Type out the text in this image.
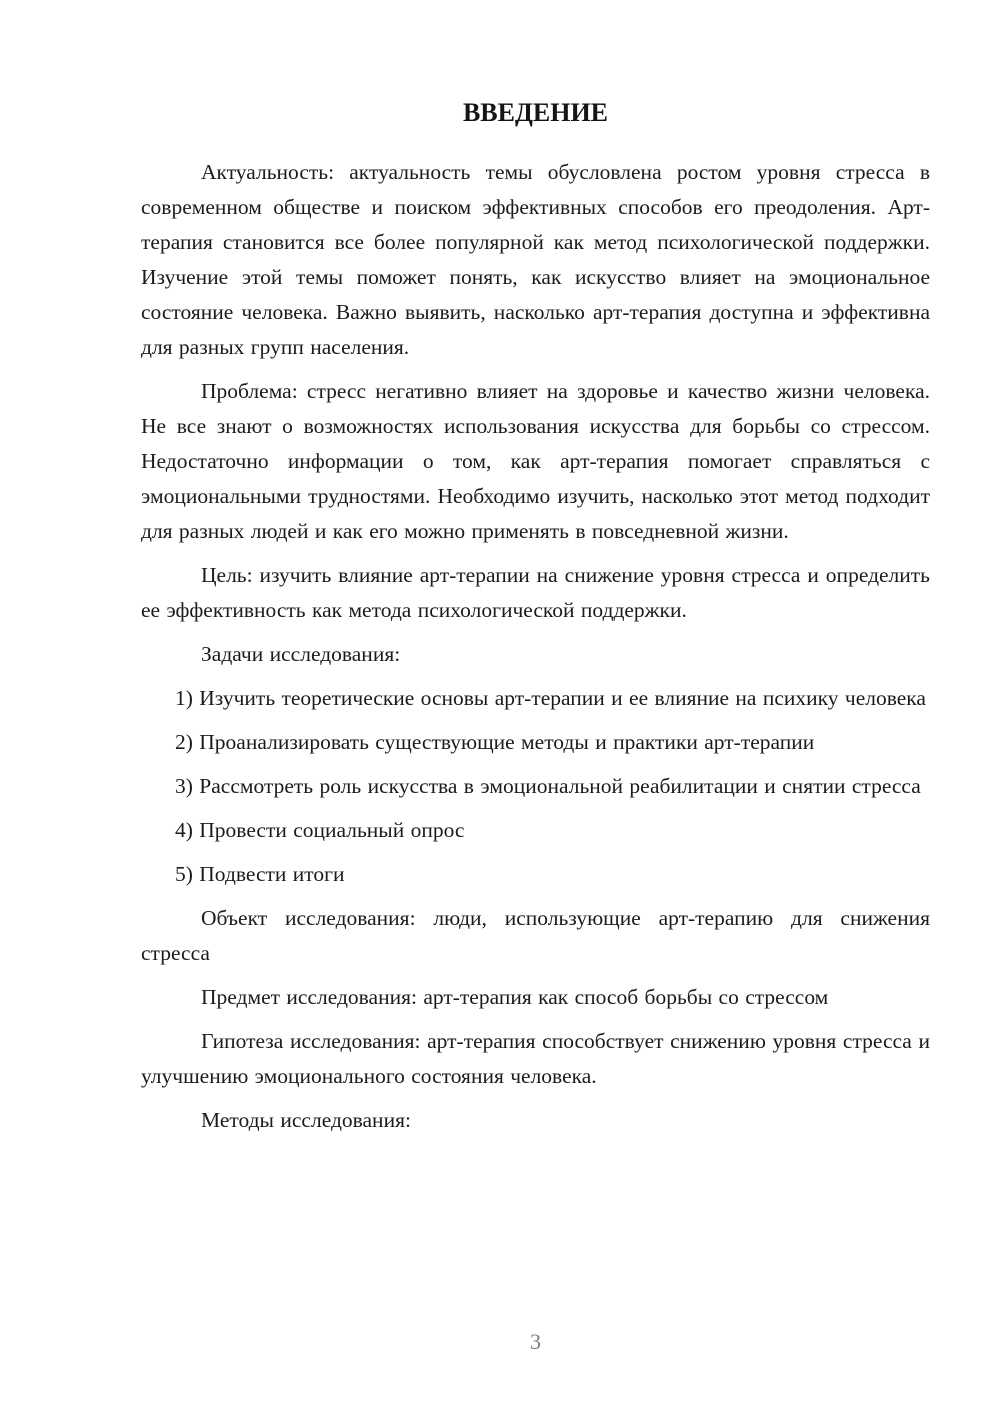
ВВЕДЕНИЕ

Актуальность: актуальность темы обусловлена ростом уровня стресса в современном обществе и поиском эффективных способов его преодоления. Арт-терапия становится все более популярной как метод психологической поддержки. Изучение этой темы поможет понять, как искусство влияет на эмоциональное состояние человека. Важно выявить, насколько арт-терапия доступна и эффективна для разных групп населения.

Проблема: стресс негативно влияет на здоровье и качество жизни человека. Не все знают о возможностях использования искусства для борьбы со стрессом. Недостаточно информации о том, как арт-терапия помогает справляться с эмоциональными трудностями. Необходимо изучить, насколько этот метод подходит для разных людей и как его можно применять в повседневной жизни.

Цель: изучить влияние арт-терапии на снижение уровня стресса и определить ее эффективность как метода психологической поддержки.

Задачи исследования:

1) Изучить теоретические основы арт-терапии и ее влияние на психику человека

2) Проанализировать существующие методы и практики арт-терапии

3) Рассмотреть роль искусства в эмоциональной реабилитации и снятии стресса

4) Провести социальный опрос

5) Подвести итоги

Объект исследования: люди, использующие арт-терапию для снижения стресса

Предмет исследования: арт-терапия как способ борьбы со стрессом

Гипотеза исследования: арт-терапия способствует снижению уровня стресса и улучшению эмоционального состояния человека.

Методы исследования:

3
